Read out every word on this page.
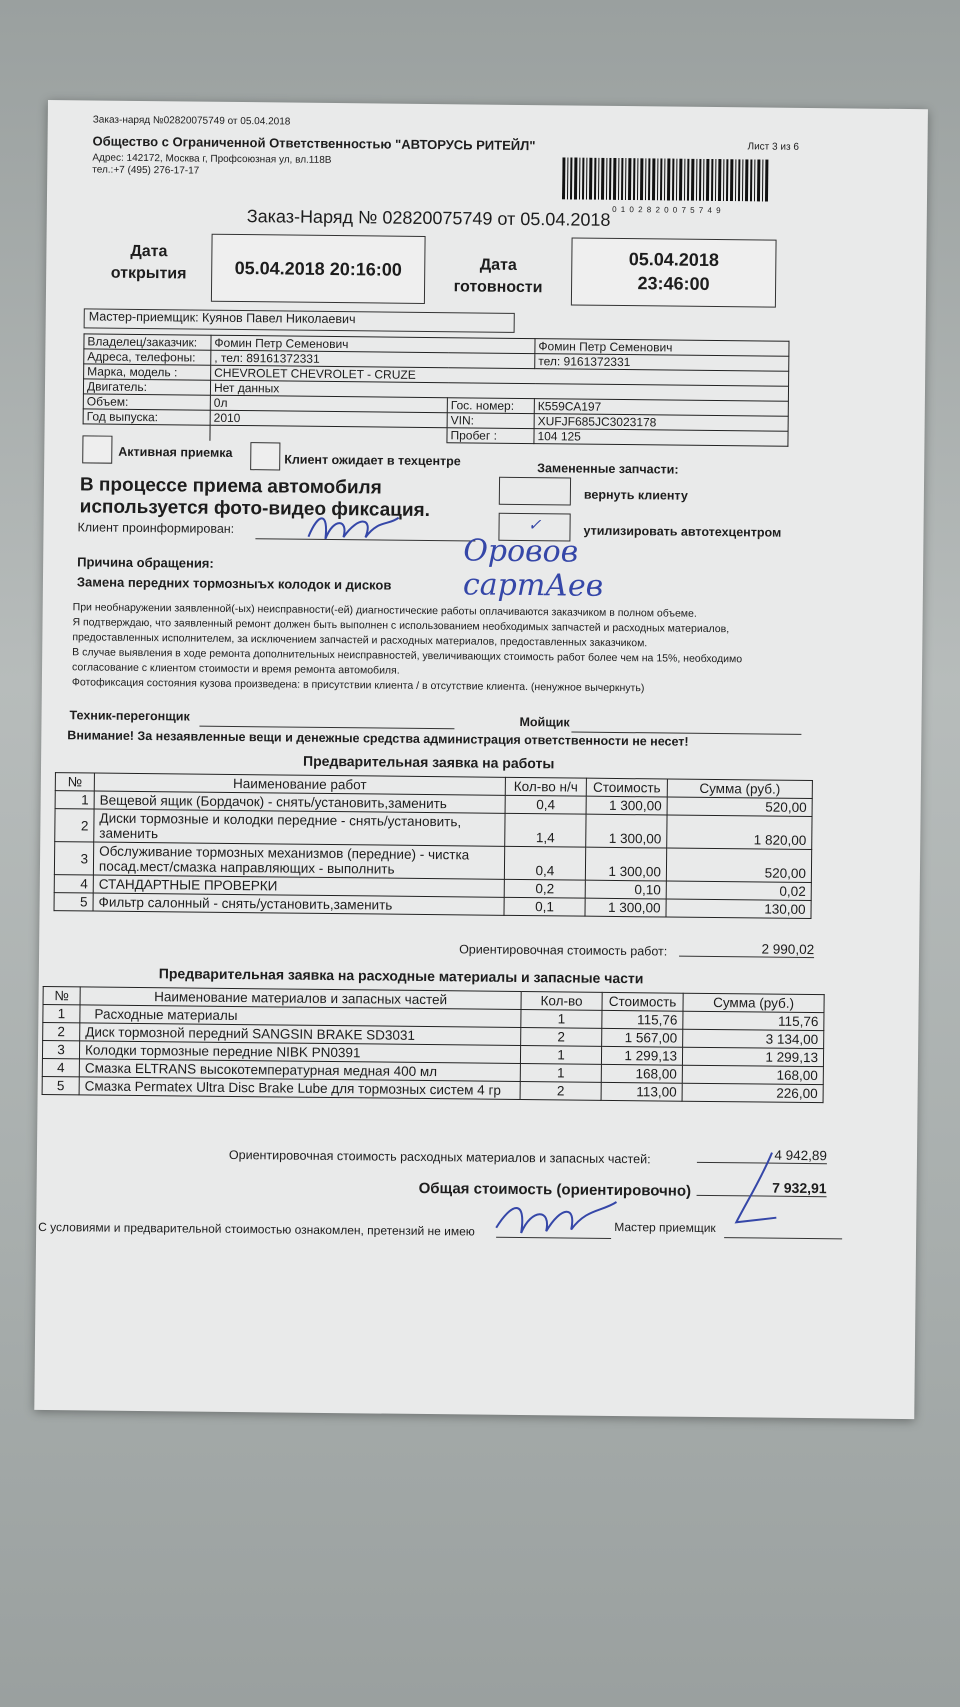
Заказ-наряд №02820075749 от 05.04.2018
Общество с Ограниченной Ответственностью "АВТОРУСЬ РИТЕЙЛ"
Адрес: 142172, Москва г, Профсоюзная ул, вл.118В
тел.:+7 (495) 276-17-17
Лист 3 из 6
0 1 0 2 8 2 0 0 7 5 7 4 9
Заказ-Наряд № 02820075749 от 05.04.2018
Дата
открытия	05.04.2018 20:16:00	Дата
готовности
05.04.2018
23:46:00
Мастер-приемщик: Куянов Павел Николаевич
Владелец/заказчик:	Фомин Петр Семенович		Фомин Петр Семенович
Адреса, телефоны:	, тел: 89161372331		тел: 9161372331
Марка, модель :	CHEVROLET CHEVROLET - CRUZE		
Двигатель:	Нет данных		
Объем:	0л	Гос. номер:	К559СА197
Год выпуска:	2010	VIN:	XUFJF685JC3023178
		Пробег :	104 125
Активная приемка
Клиент ожидает в техцентре
Замененные запчасти:
вернуть клиенту
✓	утилизировать автотехцентром
В процессе приема автомобиля
используется фото-видео фиксация.
Клиент проинформирован:
Оровов сартАев
Причина обращения:
Замена передних тормозныъх колодок и дисков
При необнаружении заявленной(-ых) неисправности(-ей) диагностические работы оплачиваются заказчиком в полном объеме.
Я подтверждаю, что заявленный ремонт должен быть выполнен с использованием необходимых запчастей и расходных материалов,
предоставленных исполнителем, за исключением запчастей и расходных материалов, предоставленных заказчиком.
В случае выявления в ходе ремонта дополнительных неисправностей, увеличивающих стоимость работ более чем на 15%, необходимо
согласование с клиентом стоимости и время ремонта автомобиля.
Фотофиксация состояния кузова произведена: в присутствии клиента / в отсутствие клиента. (ненужное вычеркнуть)
Техник-перегонщик	Мойщик
Внимание! За незаявленные вещи и денежные средства администрация ответственности не несет!
Предварительная заявка на работы
№	Наименование работ	Кол-во н/ч	Стоимость	Сумма (руб.)
1	Вещевой ящик (Бордачок) - снять/установить,заменить	0,4	1 300,00	520,00
2	Диски тормозные и колодки передние - снять/установить, заменить	1,4	1 300,00	1 820,00
3	Обслуживание тормозных механизмов (передние) - чистка посад.мест/смазка направляющих - выполнить	0,4	1 300,00	520,00
4	СТАНДАРТНЫЕ ПРОВЕРКИ	0,2	0,10	0,02
5	Фильтр салонный - снять/установить,заменить	0,1	1 300,00	130,00
Ориентировочная стоимость работ:	2 990,02
Предварительная заявка на расходные материалы и запасные части
№	Наименование материалов и запасных частей	Кол-во	Стоимость	Сумма (руб.)
1	Расходные материалы	1	115,76	115,76
2	Диск тормозной передний SANGSIN BRAKE SD3031	2	1 567,00	3 134,00
3	Колодки тормозные передние NIBK PN0391	1	1 299,13	1 299,13
4	Смазка ELTRANS высокотемпературная медная 400 мл	1	168,00	168,00
5	Смазка Permatex Ultra Disc Brake Lube для тормозных систем 4 гр	2	113,00	226,00
Ориентировочная стоимость расходных материалов и запасных частей:	4 942,89
Общая стоимость (ориентировочно)	7 932,91
С условиями и предварительной стоимостью ознакомлен, претензий не имею	Мастер приемщик
